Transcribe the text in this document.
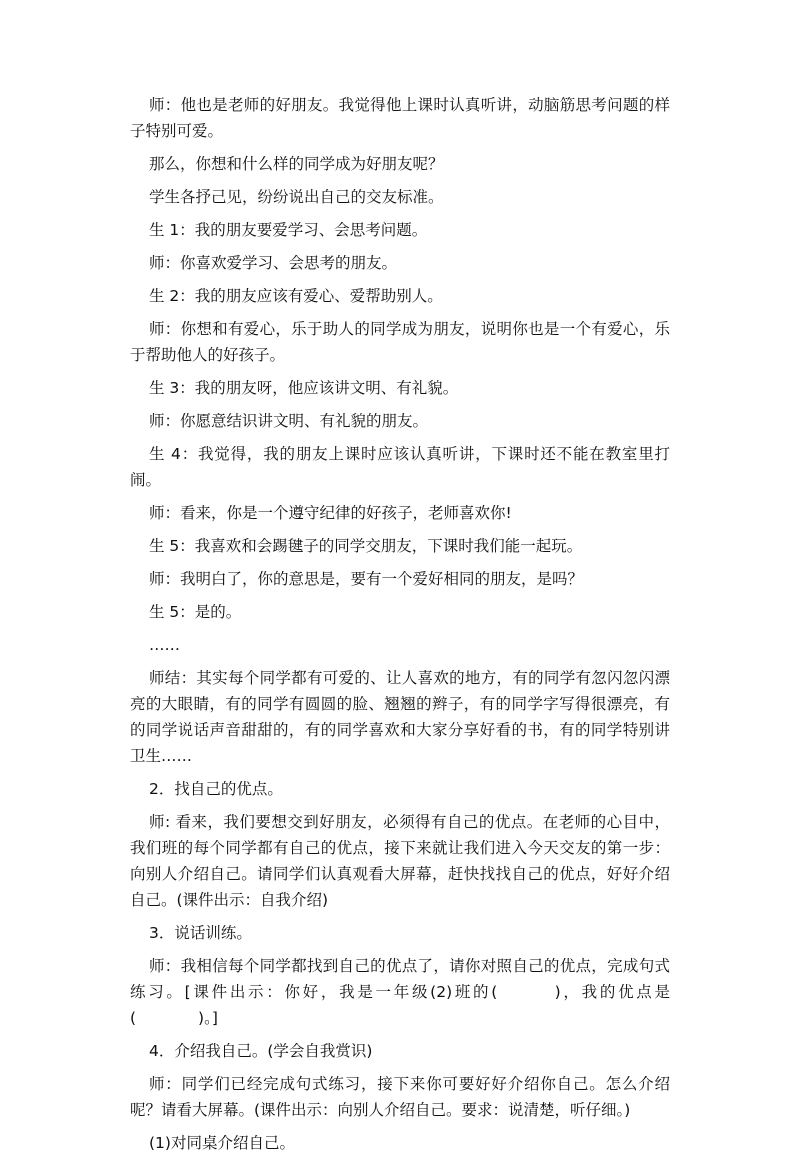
师：他也是老师的好朋友。我觉得他上课时认真听讲，动脑筋思考问题的样子特别可爱。

那么，你想和什么样的同学成为好朋友呢？

学生各抒己见，纷纷说出自己的交友标准。

生 1：我的朋友要爱学习、会思考问题。

师：你喜欢爱学习、会思考的朋友。

生 2：我的朋友应该有爱心、爱帮助别人。

师：你想和有爱心，乐于助人的同学成为朋友，说明你也是一个有爱心，乐于帮助他人的好孩子。

生 3：我的朋友呀，他应该讲文明、有礼貌。

师：你愿意结识讲文明、有礼貌的朋友。

生 4：我觉得，我的朋友上课时应该认真听讲，下课时还不能在教室里打闹。

师：看来，你是一个遵守纪律的好孩子，老师喜欢你!

生 5：我喜欢和会踢毽子的同学交朋友，下课时我们能一起玩。

师：我明白了，你的意思是，要有一个爱好相同的朋友，是吗？

生 5：是的。

……

师结：其实每个同学都有可爱的、让人喜欢的地方，有的同学有忽闪忽闪漂亮的大眼睛，有的同学有圆圆的脸、翘翘的辫子，有的同学字写得很漂亮，有的同学说话声音甜甜的，有的同学喜欢和大家分享好看的书，有的同学特别讲卫生……

2．找自己的优点。

师: 看来，我们要想交到好朋友，必须得有自己的优点。在老师的心目中，我们班的每个同学都有自己的优点，接下来就让我们进入今天交友的第一步：向别人介绍自己。请同学们认真观看大屏幕，赶快找找自己的优点，好好介绍自己。(课件出示：自我介绍)

3．说话训练。

师：我相信每个同学都找到自己的优点了，请你对照自己的优点，完成句式练习。[课件出示：你好，我是一年级(2)班的(　　　)，我的优点是(　　　　)。]

4．介绍我自己。(学会自我赏识)

师：同学们已经完成句式练习，接下来你可要好好介绍你自己。怎么介绍呢？请看大屏幕。(课件出示：向别人介绍自己。要求：说清楚，听仔细。)

(1)对同桌介绍自己。
